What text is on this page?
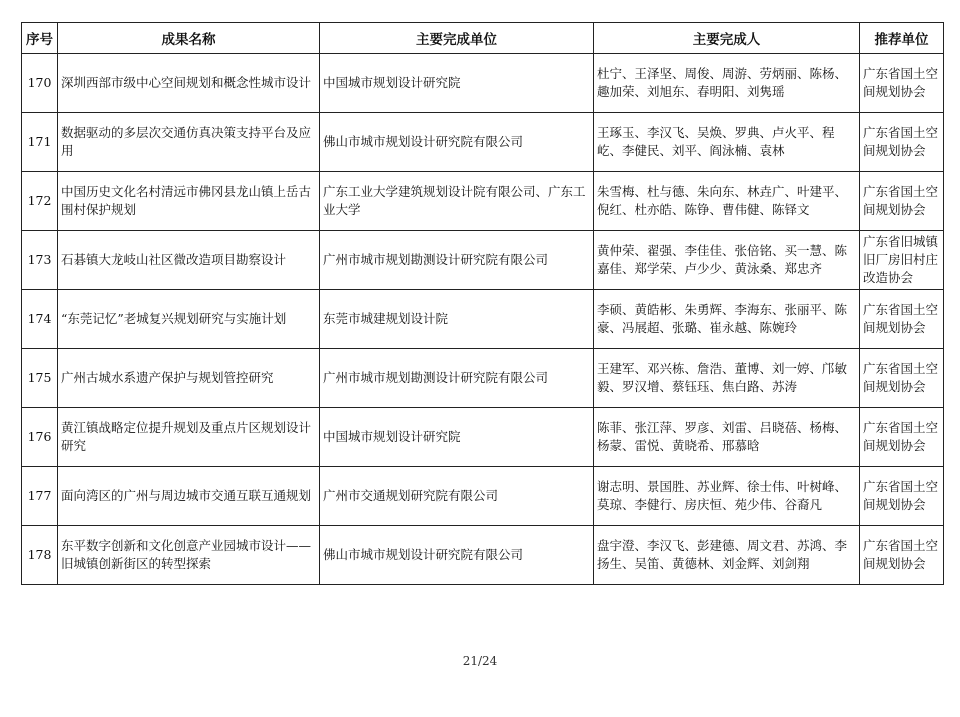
序号	成果名称	主要完成单位	主要完成人	推荐单位
170	深圳西部市级中心空间规划和概念性城市设计	中国城市规划设计研究院	杜宁、王泽坚、周俊、周游、劳炳丽、陈杨、趣加荣、刘旭东、春明阳、刘隽瑶	广东省国土空间规划协会
171	数据驱动的多层次交通仿真决策支持平台及应用	佛山市城市规划设计研究院有限公司	王琢玉、李汉飞、吴焕、罗典、卢火平、程屹、李健民、刘平、阎泳楠、袁林	广东省国土空间规划协会
172	中国历史文化名村清远市佛冈县龙山镇上岳古围村保护规划	广东工业大学建筑规划设计院有限公司、广东工业大学	朱雪梅、杜与德、朱向东、林垚广、叶建平、倪红、杜亦皓、陈铮、曹伟健、陈铎文	广东省国土空间规划协会
173	石碁镇大龙岐山社区微改造项目勘察设计	广州市城市规划勘测设计研究院有限公司	黄仲荣、翟强、李佳佳、张倍铭、买一慧、陈嘉佳、郑学荣、卢少少、黄泳桑、郑忠齐	广东省旧城镇旧厂房旧村庄改造协会
174	“东莞记忆”老城复兴规划研究与实施计划	东莞市城建规划设计院	李硕、黄皓彬、朱勇辉、李海东、张丽平、陈豪、冯展超、张璐、崔永越、陈婉玲	广东省国土空间规划协会
175	广州古城水系遗产保护与规划管控研究	广州市城市规划勘测设计研究院有限公司	王建军、邓兴栋、詹浩、董博、刘一婷、邝敏毅、罗汉增、蔡钰珏、焦白路、苏涛	广东省国土空间规划协会
176	黄江镇战略定位提升规划及重点片区规划设计研究	中国城市规划设计研究院	陈菲、张江萍、罗彦、刘雷、吕晓蓓、杨梅、杨蒙、雷悦、黄晓希、邢慕晗	广东省国土空间规划协会
177	面向湾区的广州与周边城市交通互联互通规划	广州市交通规划研究院有限公司	谢志明、景国胜、苏业辉、徐士伟、叶树峰、莫琼、李健行、房庆恒、苑少伟、谷裔凡	广东省国土空间规划协会
178	东平数字创新和文化创意产业园城市设计——旧城镇创新街区的转型探索	佛山市城市规划设计研究院有限公司	盘宇澄、李汉飞、彭建德、周文君、苏鸿、李扬生、吴笛、黄德林、刘金辉、刘剑翔	广东省国土空间规划协会
21/24
